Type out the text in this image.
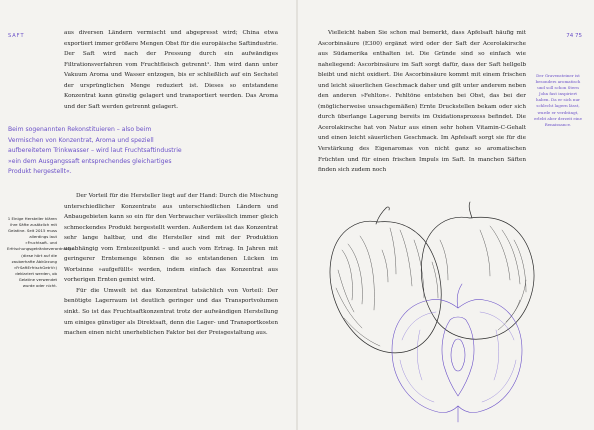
SAFT	aus diversen Ländern vermischt und abgepresst wird; China etwa exportiert immer größere Mengen Obst für die europäische Saftindustrie. Der Saft wird nach der Pressung durch ein aufwändiges Filtrationsverfahren vom Fruchtfleisch getrennt¹. Ihm wird dann unter Vakuum Aroma und Wasser entzogen, bis er schließlich auf ein Sechstel der ursprünglichen Menge reduziert ist. Dieses so entstandene Konzentrat kann günstig gelagert und transportiert werden. Das Aroma und der Saft werden getrennt gelagert.

Beim sogenannten Rekonstituieren – also beim Vermischen von Konzentrat, Aroma und speziell aufbereitetem Trinkwasser – wird laut Fruchtsaftindustrie »ein dem Ausgangssaft entsprechendes gleichartiges Produkt hergestellt«.

Der Vorteil für die Hersteller liegt auf der Hand: Durch die Mischung unterschiedlicher Konzentrate aus unterschiedlichen Ländern und Anbaugebieten kann so ein für den Verbraucher verlässlich immer gleich schmeckendes Produkt hergestellt werden. Außerdem ist das Konzentrat sehr lange haltbar, und die Hersteller sind mit der Produktion unabhängig vom Erntezeitpunkt – und auch vom Ertrag. In Jahren mit geringerer Erntemenge können die so entstandenen Lücken im Wortsinne »aufgefüllt« werden, indem einfach das Konzentrat aus vorherigen Ernten gemixt wird.

Für die Umwelt ist das Konzentrat tatsächlich von Vorteil: Der benötigte Lagerraum ist deutlich geringer und das Transportvolumen sinkt. So ist das Fruchtsaftkonzentrat trotz der aufwändigen Herstellung um einiges günstiger als Direktsaft, denn die Lager- und Transportkosten machen einen nicht unerheblichen Faktor bei der Preisgestaltung aus.

1 Einige Hersteller klären ihre Säfte zusätzlich mit Gelatine. Seit 2015 muss allerdings laut »Fruchtsaft- und Erfrischungsgetränkeverordnung« (diese hört auf die zauberhafte Abkürzung »FrSaftErfrischGetrV«) deklariert werden, ob Gelatine verwendet wurde oder nicht.
74 75

Vielleicht haben Sie schon mal bemerkt, dass Apfelsaft häufig mit Ascorbinsäure (E300) ergänzt wird oder der Saft der Acerolakirsche aus Südamerika enthalten ist. Die Gründe sind so einfach wie naheliegend: Ascorbinsäure im Saft sorgt dafür, dass der Saft hellgelb bleibt und nicht oxidiert. Die Ascorbinsäure kommt mit einem frischen und leicht säuerlichen Geschmack daher und gilt unter anderem neben den anderen »Fehlton«. Fehltöne entstehen bei Obst, das bei der (möglicherweise unsachgemäßen) Ernte Druckstellen bekam oder sich durch überlange Lagerung bereits im Oxidationsprozess befindet. Die Acerolakirsche hat von Natur aus einen sehr hohen Vitamin-C-Gehalt und einen leicht säuerlichen Geschmack. Im Apfelsaft sorgt sie für die Verstärkung des Eigenaromas von nicht ganz so aromatischen Früchten und für einen frischen Impuls im Saft. In manchen Säften finden sich zudem noch

Der Gravensteiner ist besonders aromatisch und soll schon Stern John fast inspiriert haben. Da er sich nur schlecht lagern lässt, wurde er verdrängt, erlebt aber derzeit eine Renaissance.
